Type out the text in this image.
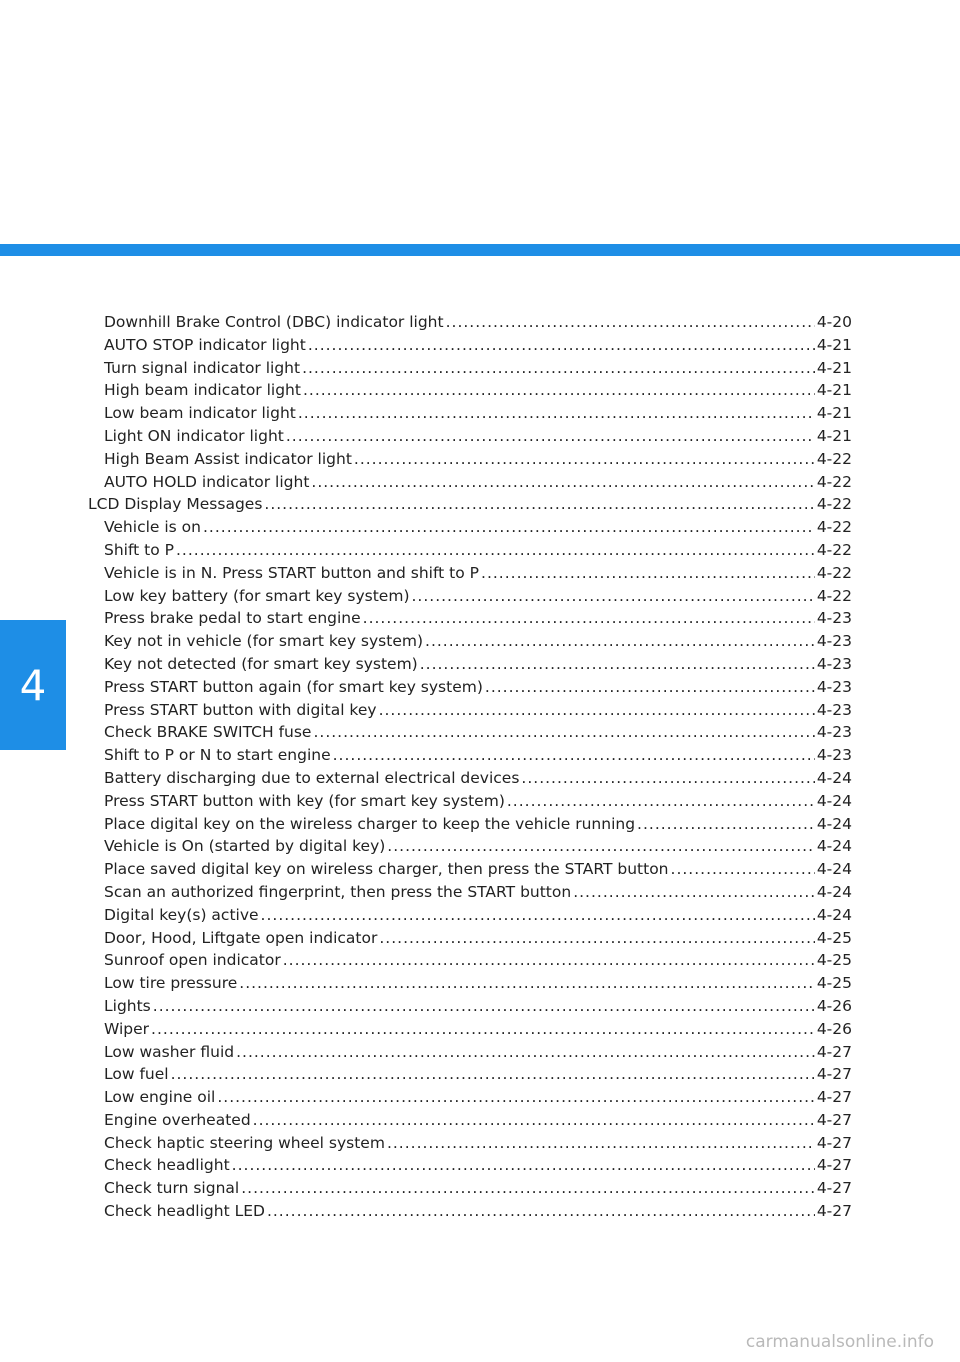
4
Downhill Brake Control (DBC) indicator light .....	4-20
AUTO STOP indicator light .....	4-21
Turn signal indicator light .....	4-21
High beam indicator light .....	4-21
Low beam indicator light .....	4-21
Light ON indicator light .....	4-21
High Beam Assist indicator light .....	4-22
AUTO HOLD indicator light .....	4-22
LCD Display Messages .....	4-22
Vehicle is on .....	4-22
Shift to P .....	4-22
Vehicle is in N. Press START button and shift to P .....	4-22
Low key battery (for smart key system) .....	4-22
Press brake pedal to start engine .....	4-23
Key not in vehicle (for smart key system) .....	4-23
Key not detected (for smart key system) .....	4-23
Press START button again (for smart key system) .....	4-23
Press START button with digital key .....	4-23
Check BRAKE SWITCH fuse .....	4-23
Shift to P or N to start engine .....	4-23
Battery discharging due to external electrical devices .....	4-24
Press START button with key (for smart key system) .....	4-24
Place digital key on the wireless charger to keep the vehicle running .....	4-24
Vehicle is On (started by digital key) .....	4-24
Place saved digital key on wireless charger, then press the START button .....	4-24
Scan an authorized fingerprint, then press the START button .....	4-24
Digital key(s) active .....	4-24
Door, Hood, Liftgate open indicator .....	4-25
Sunroof open indicator .....	4-25
Low tire pressure .....	4-25
Lights .....	4-26
Wiper .....	4-26
Low washer fluid .....	4-27
Low fuel .....	4-27
Low engine oil .....	4-27
Engine overheated .....	4-27
Check haptic steering wheel system .....	4-27
Check headlight .....	4-27
Check turn signal .....	4-27
Check headlight LED .....	4-27
carmanualsonline.info
